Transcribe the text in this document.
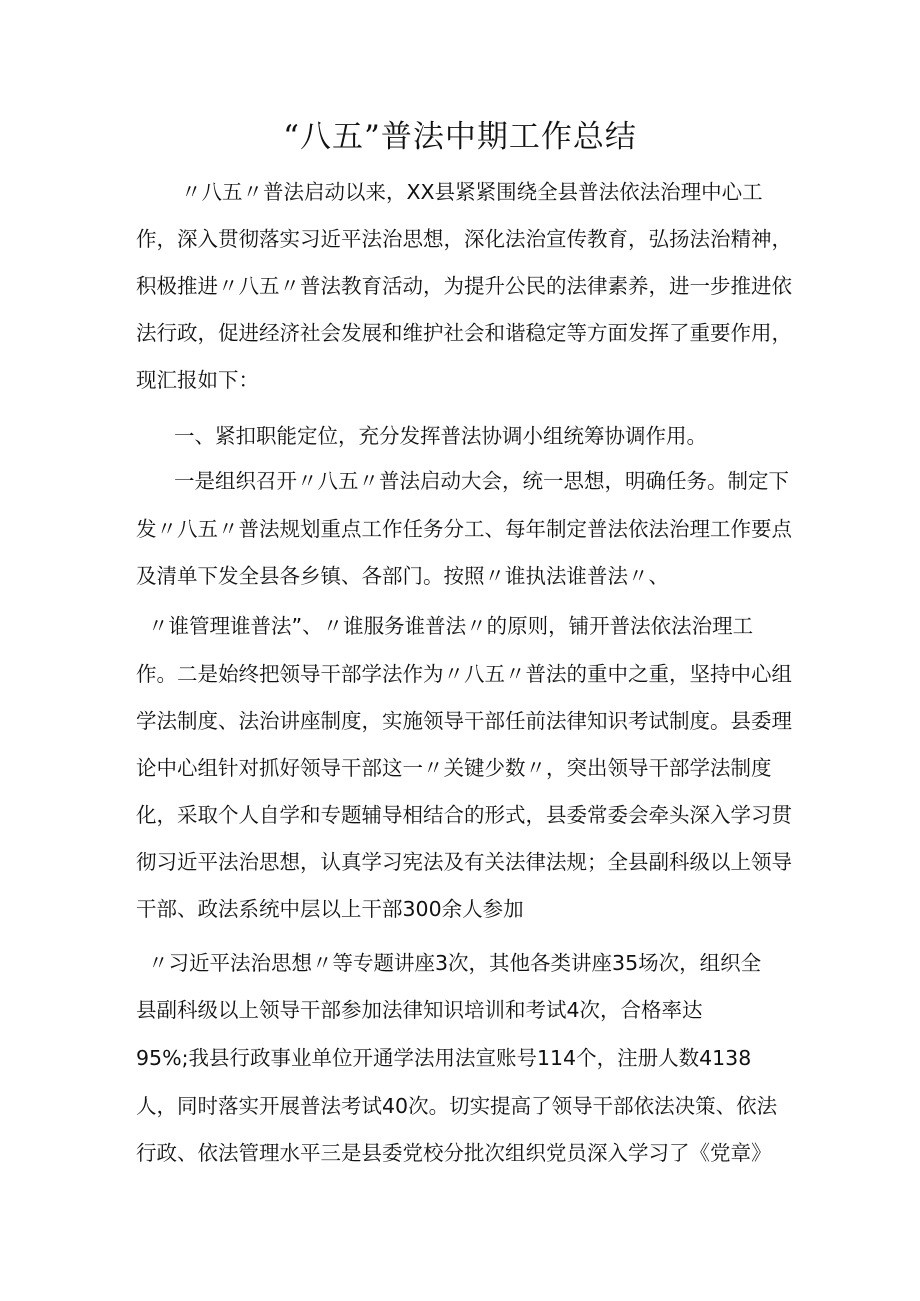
“八五”普法中期工作总结
〃八五〃普法启动以来，XX县紧紧围绕全县普法依法治理中心工
作，深入贯彻落实习近平法治思想，深化法治宣传教育，弘扬法治精神，
积极推进〃八五〃普法教育活动，为提升公民的法律素养，进一步推进依
法行政，促进经济社会发展和维护社会和谐稳定等方面发挥了重要作用，
现汇报如下：
一、紧扣职能定位，充分发挥普法协调小组统筹协调作用。
一是组织召开〃八五〃普法启动大会，统一思想，明确任务。制定下
发〃八五〃普法规划重点工作任务分工、每年制定普法依法治理工作要点
及清单下发全县各乡镇、各部门。按照〃谁执法谁普法〃、
〃谁管理谁普法”、〃谁服务谁普法〃的原则，铺开普法依法治理工
作。二是始终把领导干部学法作为〃八五〃普法的重中之重，坚持中心组
学法制度、法治讲座制度，实施领导干部任前法律知识考试制度。县委理
论中心组针对抓好领导干部这一〃关键少数〃，突出领导干部学法制度
化，采取个人自学和专题辅导相结合的形式，县委常委会牵头深入学习贯
彻习近平法治思想，认真学习宪法及有关法律法规；全县副科级以上领导
干部、政法系统中层以上干部300余人参加
〃习近平法治思想〃等专题讲座3次，其他各类讲座35场次，组织全
县副科级以上领导干部参加法律知识培训和考试4次，合格率达
95%;我县行政事业单位开通学法用法宣账号114个，注册人数4138
人，同时落实开展普法考试40次。切实提高了领导干部依法决策、依法
行政、依法管理水平三是县委党校分批次组织党员深入学习了《党章》
